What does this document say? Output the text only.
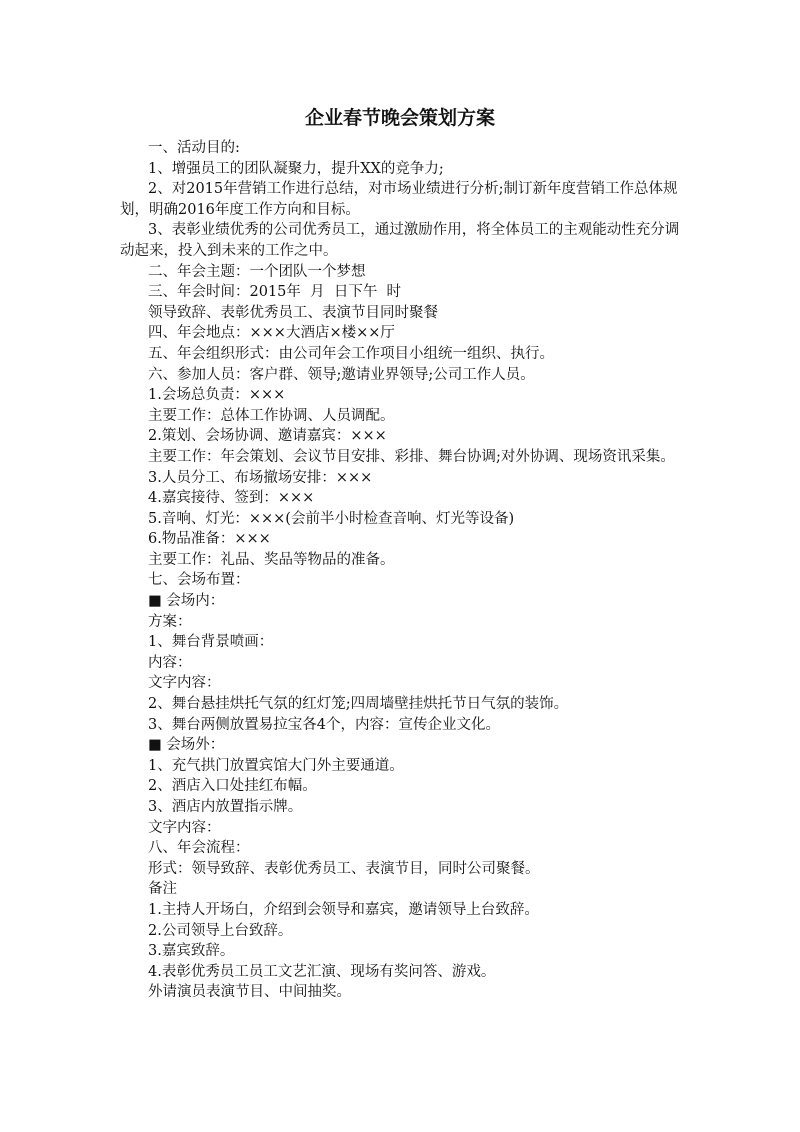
企业春节晚会策划方案

一、活动目的:

1、增强员工的团队凝聚力，提升XX的竞争力;

2、对2015年营销工作进行总结，对市场业绩进行分析;制订新年度营销工作总体规划，明确2016年度工作方向和目标。

3、表彰业绩优秀的公司优秀员工，通过激励作用，将全体员工的主观能动性充分调动起来，投入到未来的工作之中。

二、年会主题：一个团队一个梦想

三、年会时间：2015年  月  日下午  时

领导致辞、表彰优秀员工、表演节目同时聚餐

四、年会地点：×××大酒店×楼××厅

五、年会组织形式：由公司年会工作项目小组统一组织、执行。

六、参加人员：客户群、领导;邀请业界领导;公司工作人员。

1.会场总负责：×××

主要工作：总体工作协调、人员调配。

2.策划、会场协调、邀请嘉宾：×××

主要工作：年会策划、会议节目安排、彩排、舞台协调;对外协调、现场资讯采集。

3.人员分工、布场撤场安排：×××

4.嘉宾接待、签到：×××

5.音响、灯光：×××(会前半小时检查音响、灯光等设备)

6.物品准备：×××

主要工作：礼品、奖品等物品的准备。

七、会场布置：

■ 会场内：

方案：

1、舞台背景喷画：

内容：

文字内容：

2、舞台悬挂烘托气氛的红灯笼;四周墙壁挂烘托节日气氛的装饰。

3、舞台两侧放置易拉宝各4个，内容：宣传企业文化。

■ 会场外：

1、充气拱门放置宾馆大门外主要通道。

2、酒店入口处挂红布幅。

3、酒店内放置指示牌。

文字内容：

八、年会流程：

形式：领导致辞、表彰优秀员工、表演节目，同时公司聚餐。

备注

1.主持人开场白，介绍到会领导和嘉宾，邀请领导上台致辞。

2.公司领导上台致辞。

3.嘉宾致辞。

4.表彰优秀员工员工文艺汇演、现场有奖问答、游戏。

外请演员表演节目、中间抽奖。
